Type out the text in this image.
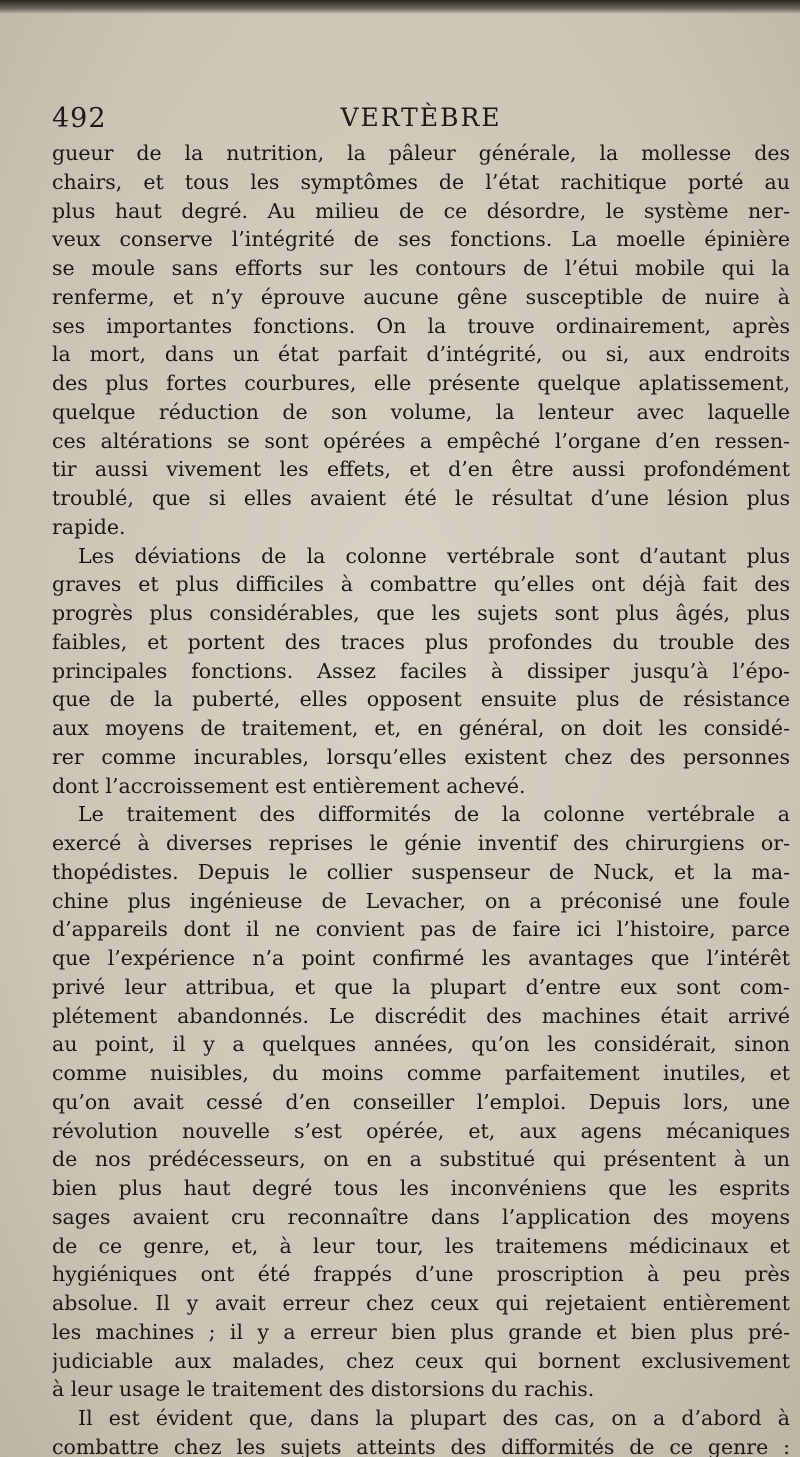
492	VERTÈBRE
gueur de la nutrition, la pâleur générale, la mollesse des
chairs, et tous les symptômes de l’état rachitique porté au
plus haut degré. Au milieu de ce désordre, le système ner-
veux conserve l’intégrité de ses fonctions. La moelle épinière
se moule sans efforts sur les contours de l’étui mobile qui la
renferme, et n’y éprouve aucune gêne susceptible de nuire à
ses importantes fonctions. On la trouve ordinairement, après
la mort, dans un état parfait d’intégrité, ou si, aux endroits
des plus fortes courbures, elle présente quelque aplatissement,
quelque réduction de son volume, la lenteur avec laquelle
ces altérations se sont opérées a empêché l’organe d’en ressen-
tir aussi vivement les effets, et d’en être aussi profondément
troublé, que si elles avaient été le résultat d’une lésion plus
rapide.
Les déviations de la colonne vertébrale sont d’autant plus
graves et plus difficiles à combattre qu’elles ont déjà fait des
progrès plus considérables, que les sujets sont plus âgés, plus
faibles, et portent des traces plus profondes du trouble des
principales fonctions. Assez faciles à dissiper jusqu’à l’épo-
que de la puberté, elles opposent ensuite plus de résistance
aux moyens de traitement, et, en général, on doit les considé-
rer comme incurables, lorsqu’elles existent chez des personnes
dont l’accroissement est entièrement achevé.
Le traitement des difformités de la colonne vertébrale a
exercé à diverses reprises le génie inventif des chirurgiens or-
thopédistes. Depuis le collier suspenseur de Nuck, et la ma-
chine plus ingénieuse de Levacher, on a préconisé une foule
d’appareils dont il ne convient pas de faire ici l’histoire, parce
que l’expérience n’a point confirmé les avantages que l’intérêt
privé leur attribua, et que la plupart d’entre eux sont com-
plétement abandonnés. Le discrédit des machines était arrivé
au point, il y a quelques années, qu’on les considérait, sinon
comme nuisibles, du moins comme parfaitement inutiles, et
qu’on avait cessé d’en conseiller l’emploi. Depuis lors, une
révolution nouvelle s’est opérée, et, aux agens mécaniques
de nos prédécesseurs, on en a substitué qui présentent à un
bien plus haut degré tous les inconvéniens que les esprits
sages avaient cru reconnaître dans l’application des moyens
de ce genre, et, à leur tour, les traitemens médicinaux et
hygiéniques ont été frappés d’une proscription à peu près
absolue. Il y avait erreur chez ceux qui rejetaient entièrement
les machines ; il y a erreur bien plus grande et bien plus pré-
judiciable aux malades, chez ceux qui bornent exclusivement
à leur usage le traitement des distorsions du rachis.
Il est évident que, dans la plupart des cas, on a d’abord à
combattre chez les sujets atteints des difformités de ce genre :
